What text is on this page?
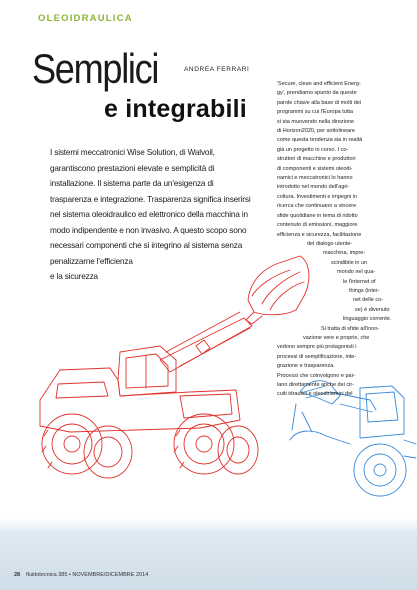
OLEOIDRAULICA
Semplici	ANDREA FERRARI
e integrabili

I sistemi meccatronici Wise Solution, di Walvoil,

garantiscono prestazioni elevate e semplicità di

installazione. Il sistema parte da un'esigenza di

trasparenza e integrazione. Trasparenza significa inserirsi

nel sistema oleoidraulico ed elettronico della macchina in

modo indipendente e non invasivo. A questo scopo sono

necessari componenti che si integrino al sistema senza

penalizzarne l'efficienza

e la sicurezza

'Secure, clean and efficient Energ-
gy', prendiamo spunto da queste
parole chiave alla base di molti dei
programmi su cui l'Europa tutta
si sta muovendo nella direzione
di Horizon2020, per sottolineare
come questa tendenza sia in realtà
già un progetto in corso. I co-
struttori di macchine e produttori
di componenti e sistemi oleodi-
namici e meccatronici lo hanno
introdotto nel mondo dell'agri-
coltura. Investimenti e impegni in
ricerca che continuano a vincere
sfide quotidiane in tema di ridotto
contenuto di emissioni, maggiore
efficienza e sicurezza, facilitazione
del dialogo utente-
macchina, impre-
scindibile in un
mondo nel qua-
le l'internet of
things (inter-
net delle co-
se) è divenuto
linguaggio corrente.
Si tratta di sfide all'inno-
vazione vere e proprie, che
vedono sempre più protagonisti i
processi di semplificazione, inte-
grazione e trasparenza.
Processi che coinvolgono e par-
lano direttamente anche dei cir-
cuiti idraulici e oleodinamici del

28 fluidotecnica 385 • NOVEMBRE/DICEMBRE 2014
